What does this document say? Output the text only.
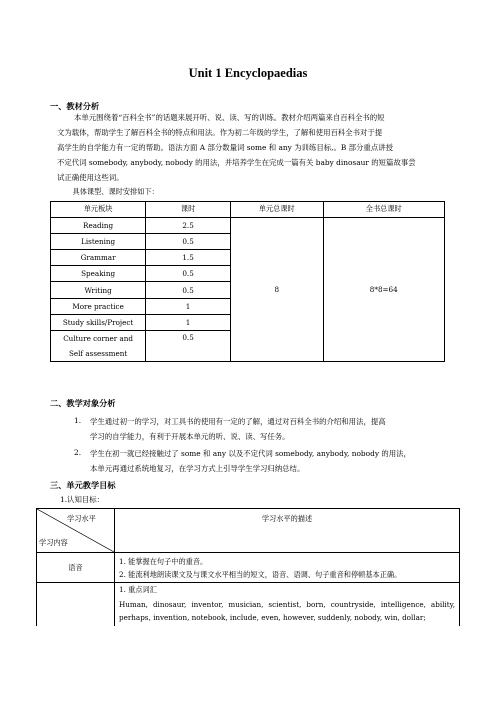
Unit 1 Encyclopaedias
一、教材分析
本单元围绕着“百科全书”的话题来展开听、说、读、写的训练。教材介绍两篇来自百科全书的短
文为载体，帮助学生了解百科全书的特点和用法。作为初二年级的学生，了解和使用百科全书对于提
高学生的自学能力有一定的帮助。语法方面 A 部分数量词 some 和 any 为训练目标,。B 部分重点讲授
不定代词 somebody, anybody, nobody 的用法，并培养学生在完成一篇有关 baby dinosaur 的短篇故事尝
试正确使用这些词。
具体课型、课时安排如下：			
单元板块	课时	单元总课时	全书总课时
Reading	2.5	8	8*8=64
Listening	0.5		
Grammar	1.5		
Speaking	0.5		
Writing	0.5		
More practice	1		
Study skills/Project	1		

Culture corner and
Self assessment	0.5		
二、教学对象分析
1. 学生通过初一的学习，对工具书的使用有一定的了解，通过对百科全书的介绍和用法，提高
学习的自学能力，有利于开展本单元的听、说、读、写任务。
2. 学生在初一就已经接触过了 some 和 any 以及不定代词 somebody, anybody, nobody 的用法，
本单元再通过系统地复习，在学习方式上引导学生学习归纳总结。
三、单元教学目标
1.认知目标：
学习水平
学习内容	学习水平的描述
语音	1. 能掌握在句子中的重音。
2. 能流利地朗读课文及与课文水平相当的短文，语音、语调、句子重音和停顿基本正确。

	1. 重点词汇
Human, dinosaur, inventor, musician, scientist, born, countryside, intelligence, ability, perhaps, invention, notebook, include, even, however, suddenly, nobody, win, dollar;
